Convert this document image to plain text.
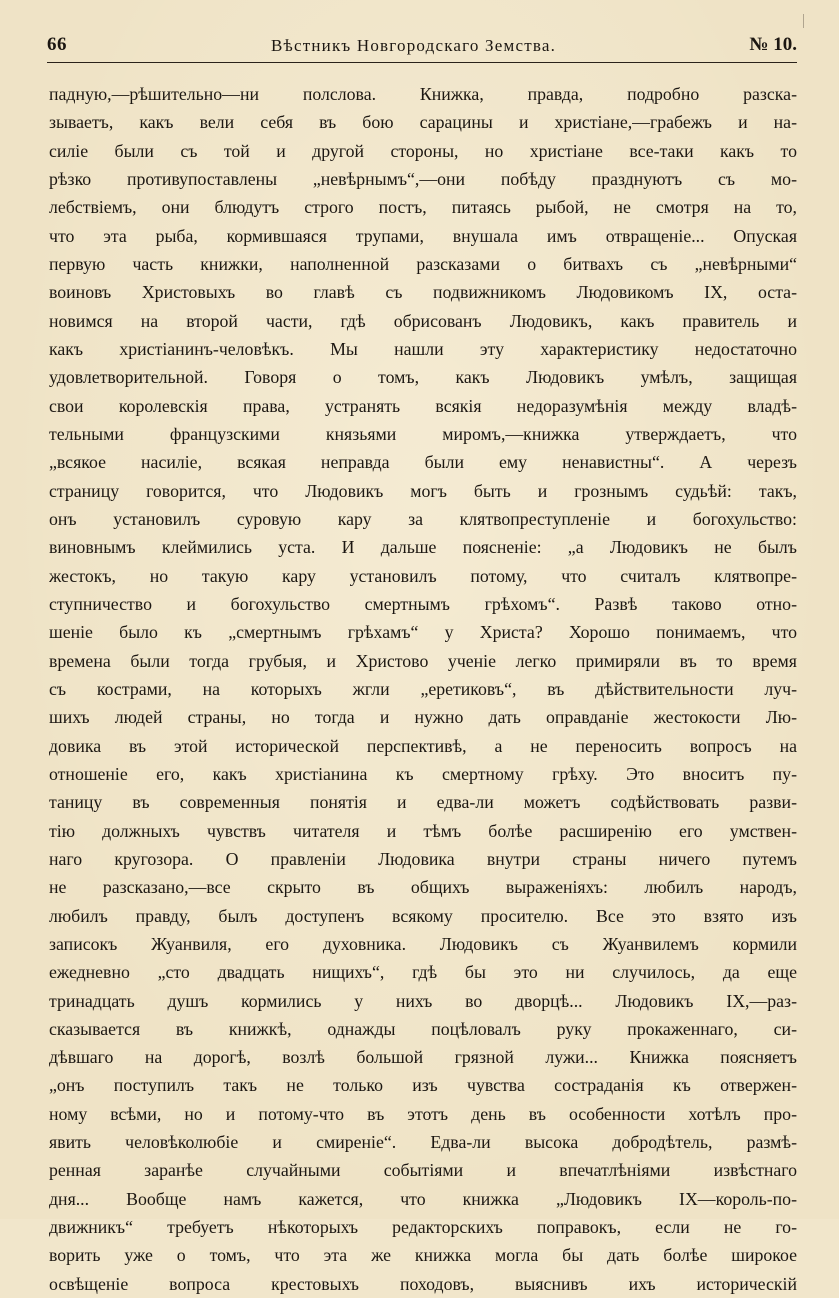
66	Вѣстникъ Новгородскаго Земства.	№ 10.
падную,—рѣшительно—ни полслова. Книжка, правда, подробно разска-
зываетъ, какъ вели себя въ бою сарацины и христiане,—грабежъ и на-
силiе были съ той и другой стороны, но христiане все-таки какъ то
рѣзко противупоставлены „невѣрнымъ“,—они побѣду празднуютъ съ мо-
лебствiемъ, они блюдутъ строго постъ, питаясь рыбой, не смотря на то,
что эта рыба, кормившаяся трупами, внушала имъ отвращенiе... Опуская
первую часть книжки, наполненной разсказами о битвахъ съ „невѣрными“
воиновъ Христовыхъ во главѣ съ подвижникомъ Людовикомъ IX, оста-
новимся на второй части, гдѣ обрисованъ Людовикъ, какъ правитель и
какъ христiанинъ-человѣкъ. Мы нашли эту характеристику недостаточно
удовлетворительной. Говоря о томъ, какъ Людовикъ умѣлъ, защищая
свои королевскiя права, устранять всякiя недоразумѣнiя между владѣ-
тельными французскими князьями миромъ,—книжка утверждаетъ, что
„всякое насилiе, всякая неправда были ему ненавистны“. А черезъ
страницу говорится, что Людовикъ могъ быть и грознымъ судьѣй: такъ,
онъ установилъ суровую кару за клятвопреступленiе и богохульство:
виновнымъ клеймились уста. И дальше поясненiе: „а Людовикъ не былъ
жестокъ, но такую кару установилъ потому, что считалъ клятвопре-
ступничество и богохульство смертнымъ грѣхомъ“. Развѣ таково отно-
шенiе было къ „смертнымъ грѣхамъ“ у Христа? Хорошо понимаемъ, что
времена были тогда грубыя, и Христово ученiе легко примиряли въ то время
съ кострами, на которыхъ жгли „еретиковъ“, въ дѣйствительности луч-
шихъ людей страны, но тогда и нужно дать оправданiе жестокости Лю-
довика въ этой исторической перспективѣ, а не переносить вопросъ на
отношенiе его, какъ христiанина къ смертному грѣху. Это вноситъ пу-
таницу въ современныя понятiя и едва-ли можетъ содѣйствовать разви-
тiю должныхъ чувствъ читателя и тѣмъ болѣе расширенiю его умствен-
наго кругозора. О правленiи Людовика внутри страны ничего путемъ
не разсказано,—все скрыто въ общихъ выраженiяхъ: любилъ народъ,
любилъ правду, былъ доступенъ всякому просителю. Все это взято изъ
записокъ Жуанвиля, его духовника. Людовикъ съ Жуанвилемъ кормили
ежедневно „сто двадцать нищихъ“, гдѣ бы это ни случилось, да еще
тринадцать душъ кормились у нихъ во дворцѣ... Людовикъ IX,—раз-
сказывается въ книжкѣ, однажды поцѣловалъ руку прокаженнаго, си-
дѣвшаго на дорогѣ, возлѣ большой грязной лужи... Книжка поясняетъ
„онъ поступилъ такъ не только изъ чувства состраданiя къ отвержен-
ному всѣми, но и потому-что въ этотъ день въ особенности хотѣлъ про-
явить человѣколюбiе и смиренiе“. Едва-ли высока добродѣтель, размѣ-
ренная заранѣе случайными событiями и впечатлѣнiями извѣстнаго
дня... Вообще намъ кажется, что книжка „Людовикъ IX—король-по-
движникъ“ требуетъ нѣкоторыхъ редакторскихъ поправокъ, если не го-
ворить уже о томъ, что эта же книжка могла бы дать болѣе широкое
освѣщенiе вопроса крестовыхъ походовъ, выяснивъ ихъ историческiй
